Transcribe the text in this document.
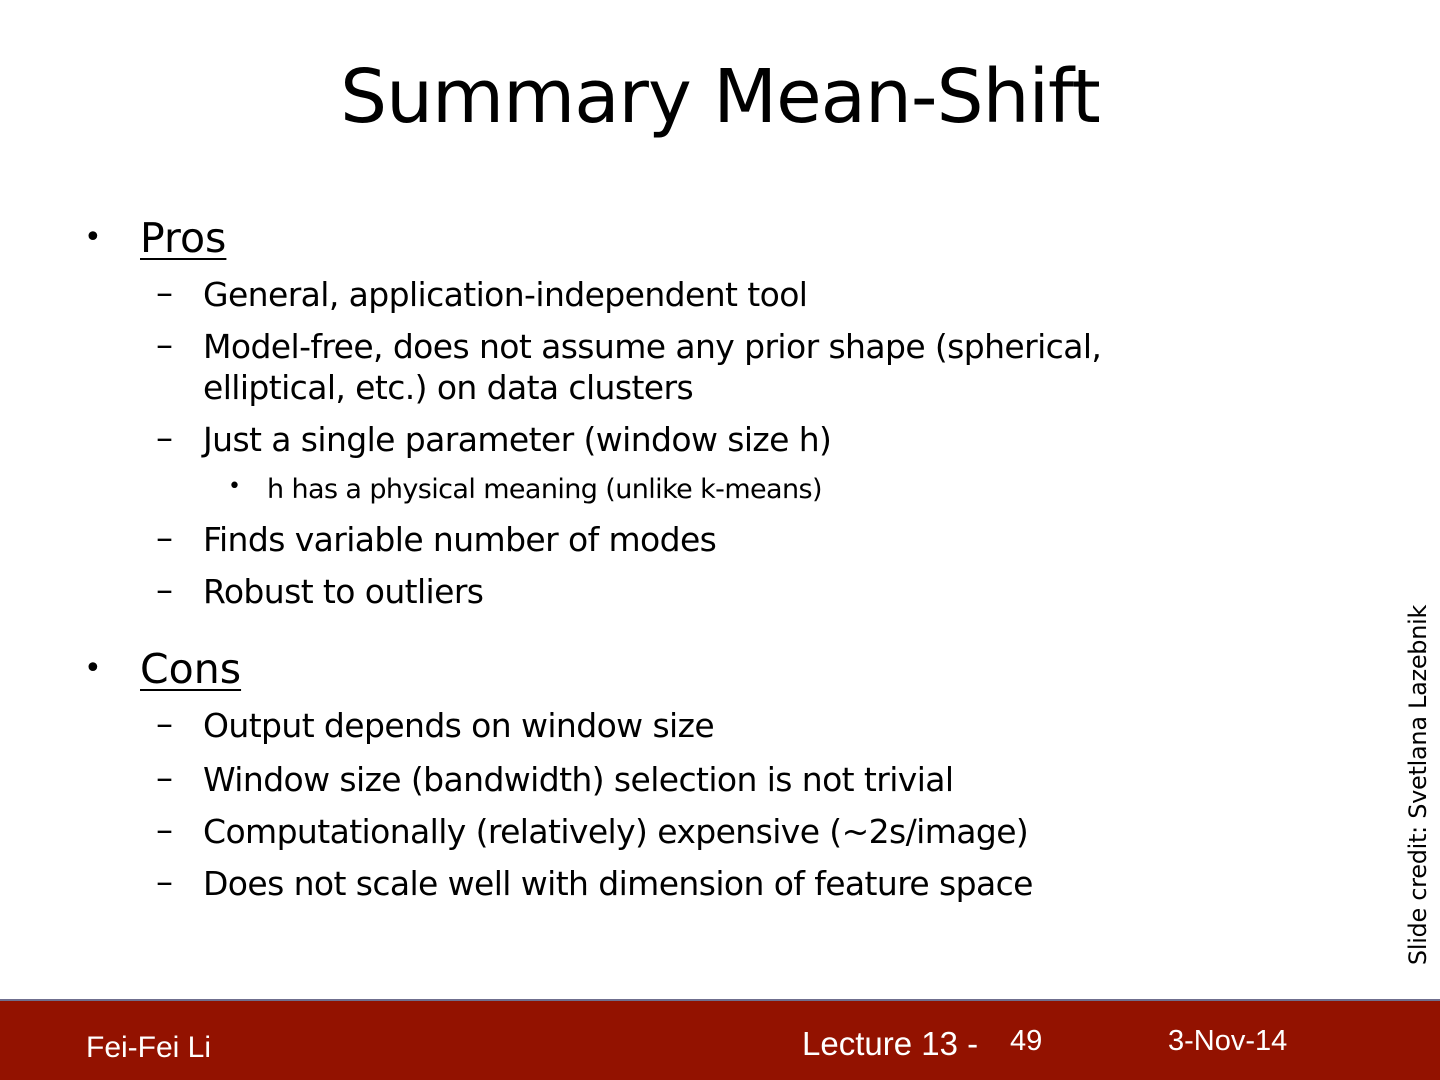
Summary Mean-Shift
• Pros
– General, application-independent tool
– Model-free, does not assume any prior shape (spherical,
elliptical, etc.) on data clusters
– Just a single parameter (window size h)
• h has a physical meaning (unlike k-means)
– Finds variable number of modes
– Robust to outliers
• Cons
– Output depends on window size
– Window size (bandwidth) selection is not trivial
– Computationally (relatively) expensive (~2s/image)
– Does not scale well with dimension of feature space	Slide credit: Svetlana Lazebnik
Fei-Fei Li	Lecture 13 - 49	3-Nov-14
